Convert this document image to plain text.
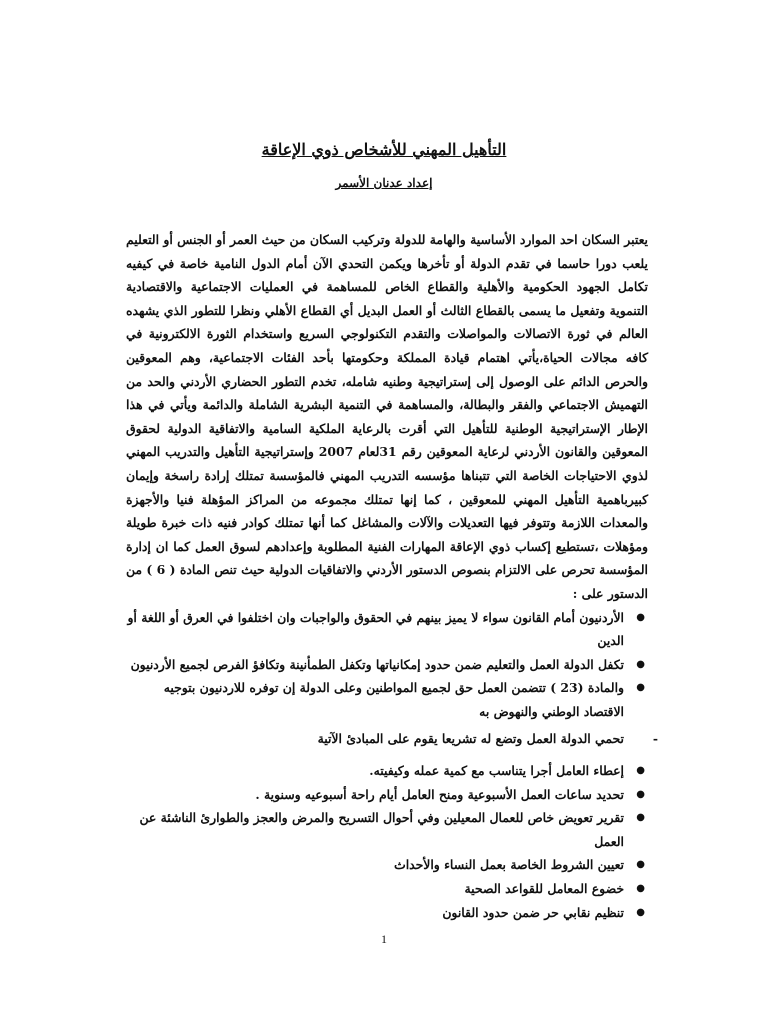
التأهيل المهني للأشخاص ذوي الإعاقة
إعداد عدنان الأسمر

يعتبر السكان احد الموارد الأساسية والهامة للدولة وتركيب السكان من حيث العمر أو الجنس أو التعليم يلعب دورا حاسما في تقدم الدولة أو تأخرها ويكمن التحدي الآن أمام الدول النامية خاصة في كيفيه تكامل الجهود الحكومية والأهلية والقطاع الخاص للمساهمة في العمليات الاجتماعية والاقتصادية التنموية وتفعيل ما يسمى بالقطاع الثالث أو العمل البديل أي القطاع الأهلي ونظرا للتطور الذي يشهده العالم في ثورة الاتصالات والمواصلات والتقدم التكنولوجي السريع واستخدام الثورة الالكترونية في كافه مجالات الحياة،يأتي اهتمام قيادة المملكة وحكومتها بأحد الفئات الاجتماعية، وهم المعوقين والحرص الدائم على الوصول إلى إستراتيجية وطنيه شامله، تخدم التطور الحضاري الأردني والحد من التهميش الاجتماعي والفقر والبطالة، والمساهمة في التنمية البشرية الشاملة والدائمة ويأتي في هذا الإطار الإستراتيجية الوطنية للتأهيل التي أقرت بالرعاية الملكية السامية والاتفاقية الدولية لحقوق المعوقين والقانون الأردني لرعاية المعوقين رقم 31لعام 2007 وإستراتيجية التأهيل والتدريب المهني لذوي الاحتياجات الخاصة التي تتبناها مؤسسه التدريب المهني فالمؤسسة تمتلك إرادة راسخة وإيمان كبيرباهمية التأهيل المهني للمعوقين ، كما إنها تمتلك مجموعه من المراكز المؤهلة فنيا والأجهزة والمعدات اللازمة وتتوفر فيها التعديلات والآلات والمشاغل كما أنها تمتلك كوادر فنيه ذات خبرة طويلة ومؤهلات ،تستطيع إكساب ذوي الإعاقة المهارات الفنية المطلوبة وإعدادهم لسوق العمل كما ان إدارة المؤسسة تحرص على الالتزام بنصوص الدستور الأردني والاتفاقيات الدولية حيث تنص المادة ( 6 ) من الدستور على :

●
الأردنيون أمام القانون سواء لا يميز بينهم في الحقوق والواجبات وان اختلفوا في العرق أو اللغة أو الدين
●
تكفل الدولة العمل والتعليم ضمن حدود إمكانياتها وتكفل الطمأنينة وتكافؤ الفرص لجميع الأردنيون
●
والمادة (23 ) تتضمن العمل حق لجميع المواطنين وعلى الدولة إن توفره للاردنيون بتوجيه الاقتصاد الوطني والنهوض به
-
تحمي الدولة العمل وتضع له تشريعا يقوم على المبادئ الآتية
●
إعطاء العامل أجرا يتناسب مع كمية عمله وكيفيته.
●
تحديد ساعات العمل الأسبوعية ومنح العامل أيام راحة أسبوعيه وسنوية .
●
تقرير تعويض خاص للعمال المعيلين وفي أحوال التسريح والمرض والعجز والطوارئ الناشئة عن العمل
●
تعيين الشروط الخاصة بعمل النساء والأحداث
●
خضوع المعامل للقواعد الصحية
●
تنظيم نقابي حر ضمن حدود القانون
1
